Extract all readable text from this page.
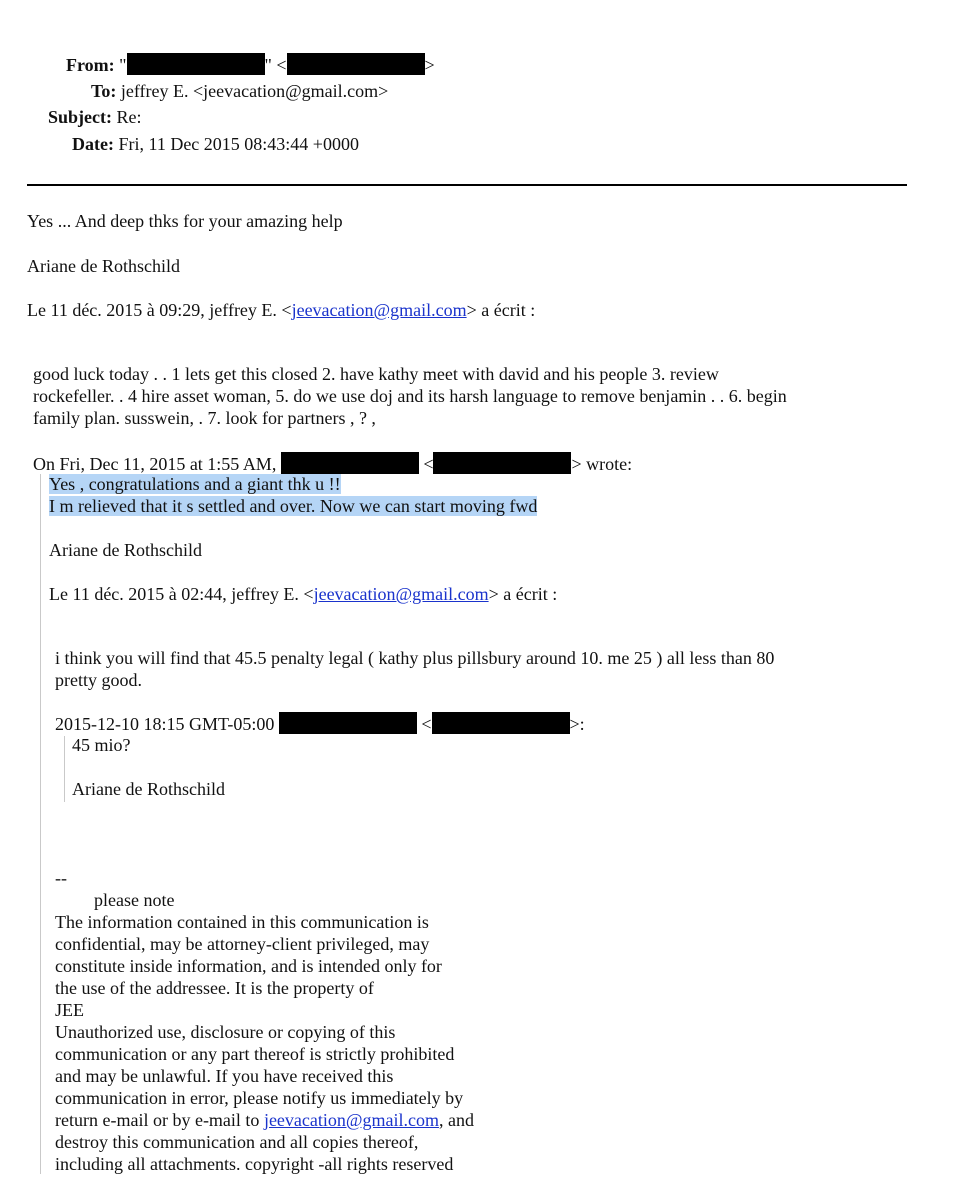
From: "	" <	>
To: jeffrey E. <jeevacation@gmail.com>
Subject: Re:
Date: Fri, 11 Dec 2015 08:43:44 +0000
Yes ... And deep thks for your amazing help
Ariane de Rothschild
Le 11 déc. 2015 à 09:29, jeffrey E. <jeevacation@gmail.com> a écrit :
good luck today . . 1 lets get this closed 2. have kathy meet with david and his people 3. review
rockefeller. . 4 hire asset woman, 5. do we use doj and its harsh language to remove benjamin . . 6. begin
family plan. susswein, . 7. look for partners , ? ,
On Fri, Dec 11, 2015 at 1:55 AM,	<	> wrote:
Yes , congratulations and a giant thk u !!
I m relieved that it s settled and over. Now we can start moving fwd
Ariane de Rothschild
Le 11 déc. 2015 à 02:44, jeffrey E. <jeevacation@gmail.com> a écrit :
i think you will find that 45.5 penalty legal ( kathy plus pillsbury around 10. me 25 ) all less than 80
pretty good.
2015-12-10 18:15 GMT-05:00	<	>:
45 mio?
Ariane de Rothschild
--
please note
The information contained in this communication is
confidential, may be attorney-client privileged, may
constitute inside information, and is intended only for
the use of the addressee. It is the property of
JEE
Unauthorized use, disclosure or copying of this
communication or any part thereof is strictly prohibited
and may be unlawful. If you have received this
communication in error, please notify us immediately by
return e-mail or by e-mail to jeevacation@gmail.com, and
destroy this communication and all copies thereof,
including all attachments. copyright -all rights reserved
